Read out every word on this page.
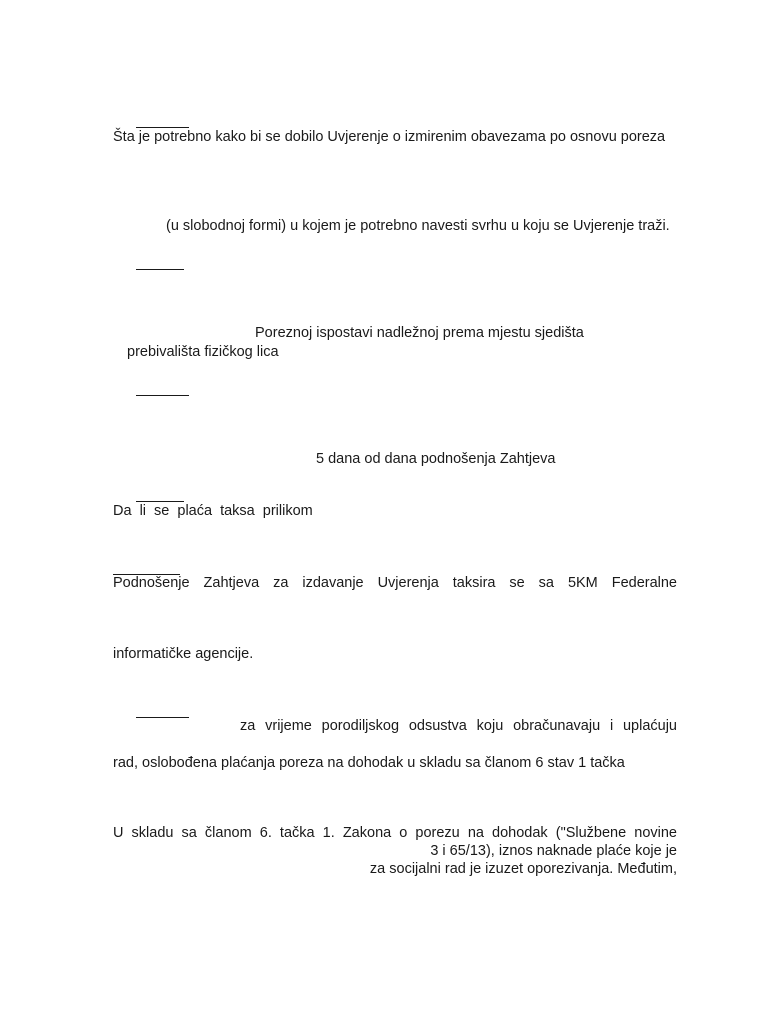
Šta je potrebno kako bi se dobilo Uvjerenje o izmirenim obavezama po osnovu poreza
(u slobodnoj formi) u kojem je potrebno navesti svrhu u koju se Uvjerenje traži.
Poreznoj ispostavi nadležnoj prema mjestu sjedišta
prebivališta fizičkog lica
5 dana od dana podnošenja Zahtjeva
Da li se plaća taksa prilikom
Podnošenje Zahtjeva za izdavanje Uvjerenja taksira se sa 5KM Federalne
informatičke agencije.
za vrijeme porodiljskog odsustva koju obračunavaju i uplaćuju
rad, oslobođena plaćanja poreza na dohodak u skladu sa članom 6 stav 1 tačka
U skladu sa članom 6. tačka 1. Zakona o porezu na dohodak ("Službene novine
3 i 65/13), iznos naknade plaće koje je
za socijalni rad je izuzet oporezivanja. Međutim,
